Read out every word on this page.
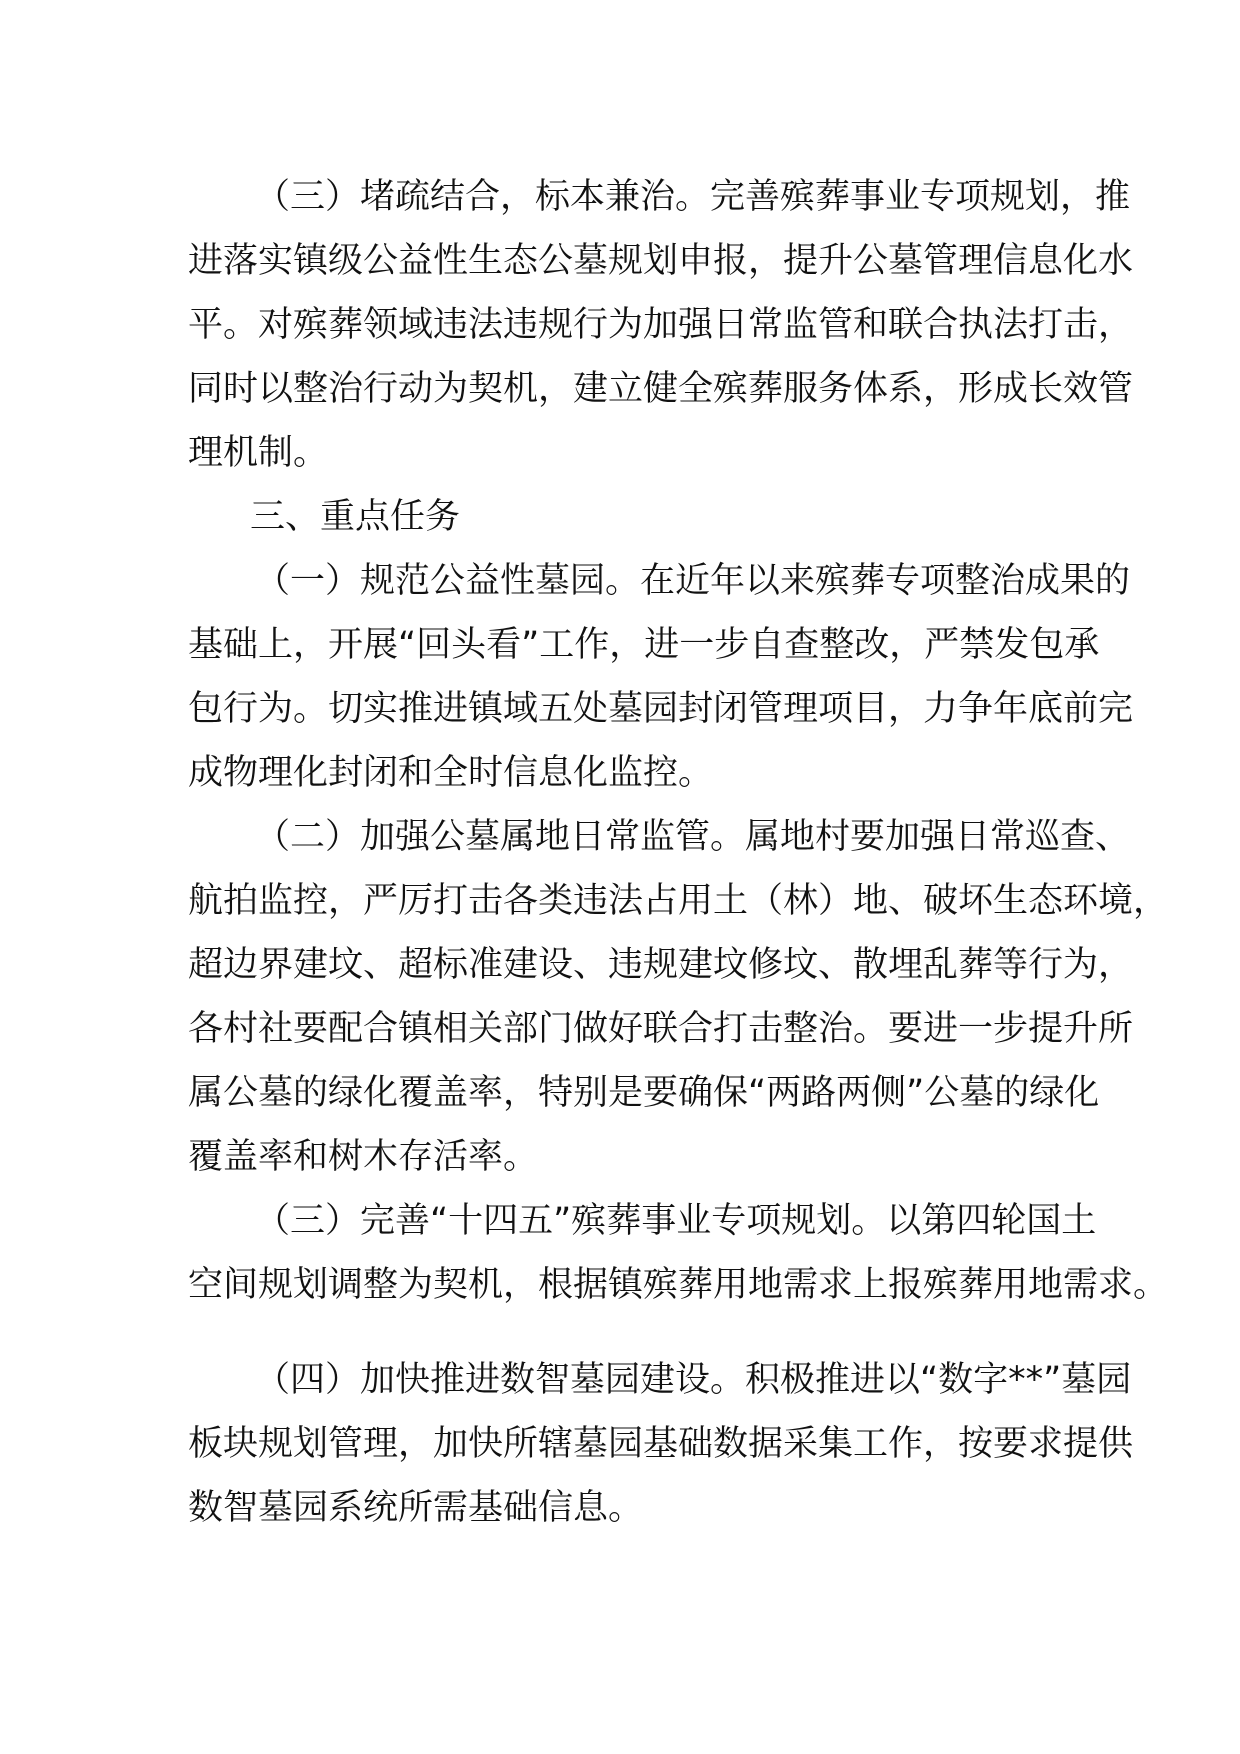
（三）堵疏结合，标本兼治。完善殡葬事业专项规划，推
进落实镇级公益性生态公墓规划申报，提升公墓管理信息化水
平。对殡葬领域违法违规行为加强日常监管和联合执法打击，
同时以整治行动为契机，建立健全殡葬服务体系，形成长效管
理机制。
三、重点任务
（一）规范公益性墓园。在近年以来殡葬专项整治成果的
基础上，开展“回头看”工作，进一步自查整改，严禁发包承
包行为。切实推进镇域五处墓园封闭管理项目，力争年底前完
成物理化封闭和全时信息化监控。
（二）加强公墓属地日常监管。属地村要加强日常巡查、
航拍监控，严厉打击各类违法占用土（林）地、破坏生态环境，
超边界建坟、超标准建设、违规建坟修坟、散埋乱葬等行为，
各村社要配合镇相关部门做好联合打击整治。要进一步提升所
属公墓的绿化覆盖率，特别是要确保“两路两侧”公墓的绿化
覆盖率和树木存活率。
（三）完善“十四五”殡葬事业专项规划。以第四轮国土
空间规划调整为契机，根据镇殡葬用地需求上报殡葬用地需求。
（四）加快推进数智墓园建设。积极推进以“数字**”墓园
板块规划管理，加快所辖墓园基础数据采集工作，按要求提供
数智墓园系统所需基础信息。
